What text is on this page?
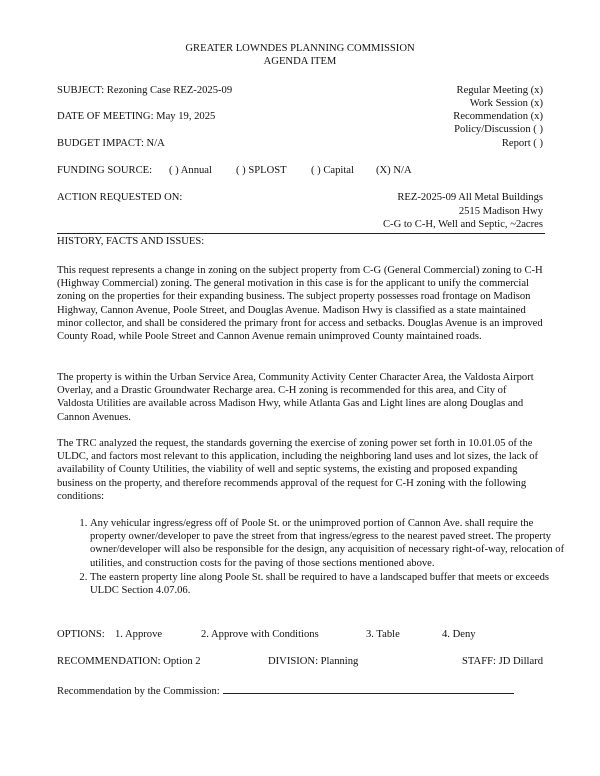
GREATER LOWNDES PLANNING COMMISSION
AGENDA ITEM
SUBJECT: Rezoning Case REZ-2025-09	Regular Meeting (x)
Work Session (x)
Recommendation (x)
Policy/Discussion ( )
Report ( )
DATE OF MEETING: May 19, 2025
BUDGET IMPACT: N/A
FUNDING SOURCE: ( ) Annual ( ) SPLOST ( ) Capital (X) N/A
ACTION REQUESTED ON:	REZ-2025-09 All Metal Buildings
2515 Madison Hwy
C-G to C-H, Well and Septic, ~2acres
HISTORY, FACTS AND ISSUES:
This request represents a change in zoning on the subject property from C-G (General Commercial) zoning to C-H (Highway Commercial) zoning. The general motivation in this case is for the applicant to unify the commercial zoning on the properties for their expanding business. The subject property possesses road frontage on Madison Highway, Cannon Avenue, Poole Street, and Douglas Avenue. Madison Hwy is classified as a state maintained minor collector, and shall be considered the primary front for access and setbacks. Douglas Avenue is an improved County Road, while Poole Street and Cannon Avenue remain unimproved County maintained roads.
The property is within the Urban Service Area, Community Activity Center Character Area, the Valdosta Airport Overlay, and a Drastic Groundwater Recharge area. C-H zoning is recommended for this area, and City of Valdosta Utilities are available across Madison Hwy, while Atlanta Gas and Light lines are along Douglas and Cannon Avenues.
The TRC analyzed the request, the standards governing the exercise of zoning power set forth in 10.01.05 of the ULDC, and factors most relevant to this application, including the neighboring land uses and lot sizes, the lack of availability of County Utilities, the viability of well and septic systems, the existing and proposed expanding business on the property, and therefore recommends approval of the request for C-H zoning with the following conditions:
1. Any vehicular ingress/egress off of Poole St. or the unimproved portion of Cannon Ave. shall require the property owner/developer to pave the street from that ingress/egress to the nearest paved street. The property owner/developer will also be responsible for the design, any acquisition of necessary right-of-way, relocation of utilities, and construction costs for the paving of those sections mentioned above.
2. The eastern property line along Poole St. shall be required to have a landscaped buffer that meets or exceeds ULDC Section 4.07.06.
OPTIONS: 1. Approve	2. Approve with Conditions	3. Table	4. Deny
RECOMMENDATION: Option 2	DIVISION: Planning	STAFF: JD Dillard
Recommendation by the Commission:
